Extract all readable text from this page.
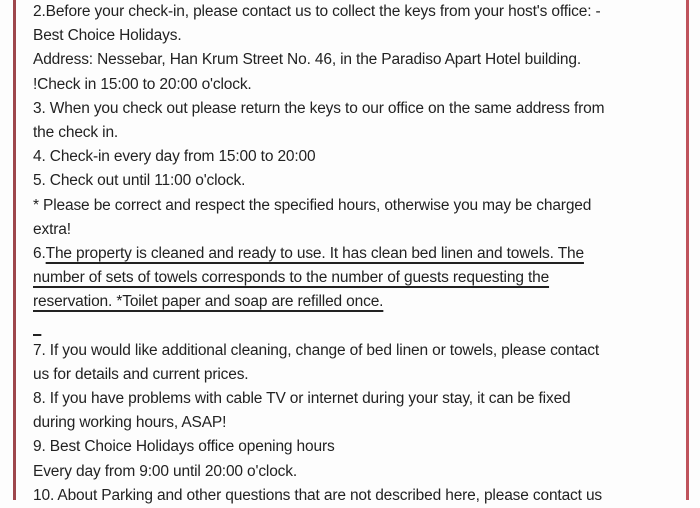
2.Before your check-in, please contact us to collect the keys from your host's office: -
Best Choice Holidays.
Address: Nessebar, Han Krum Street No. 46, in the Paradiso Apart Hotel building.
!Check in 15:00 to 20:00 o'clock.
3. When you check out please return the keys to our office on the same address from
the check in.
4. Check-in every day from 15:00 to 20:00
5. Check out until 11:00 o'clock.
* Please be correct and respect the specified hours, otherwise you may be charged
extra!
6.The property is cleaned and ready to use. It has clean bed linen and towels. The
number of sets of towels corresponds to the number of guests requesting the
reservation. *Toilet paper and soap are refilled once.

7. If you would like additional cleaning, change of bed linen or towels, please contact
us for details and current prices.
8. If you have problems with cable TV or internet during your stay, it can be fixed
during working hours, ASAP!
9. Best Choice Holidays office opening hours
Every day from 9:00 until 20:00 o'clock.
10. About Parking and other questions that are not described here, please contact us
